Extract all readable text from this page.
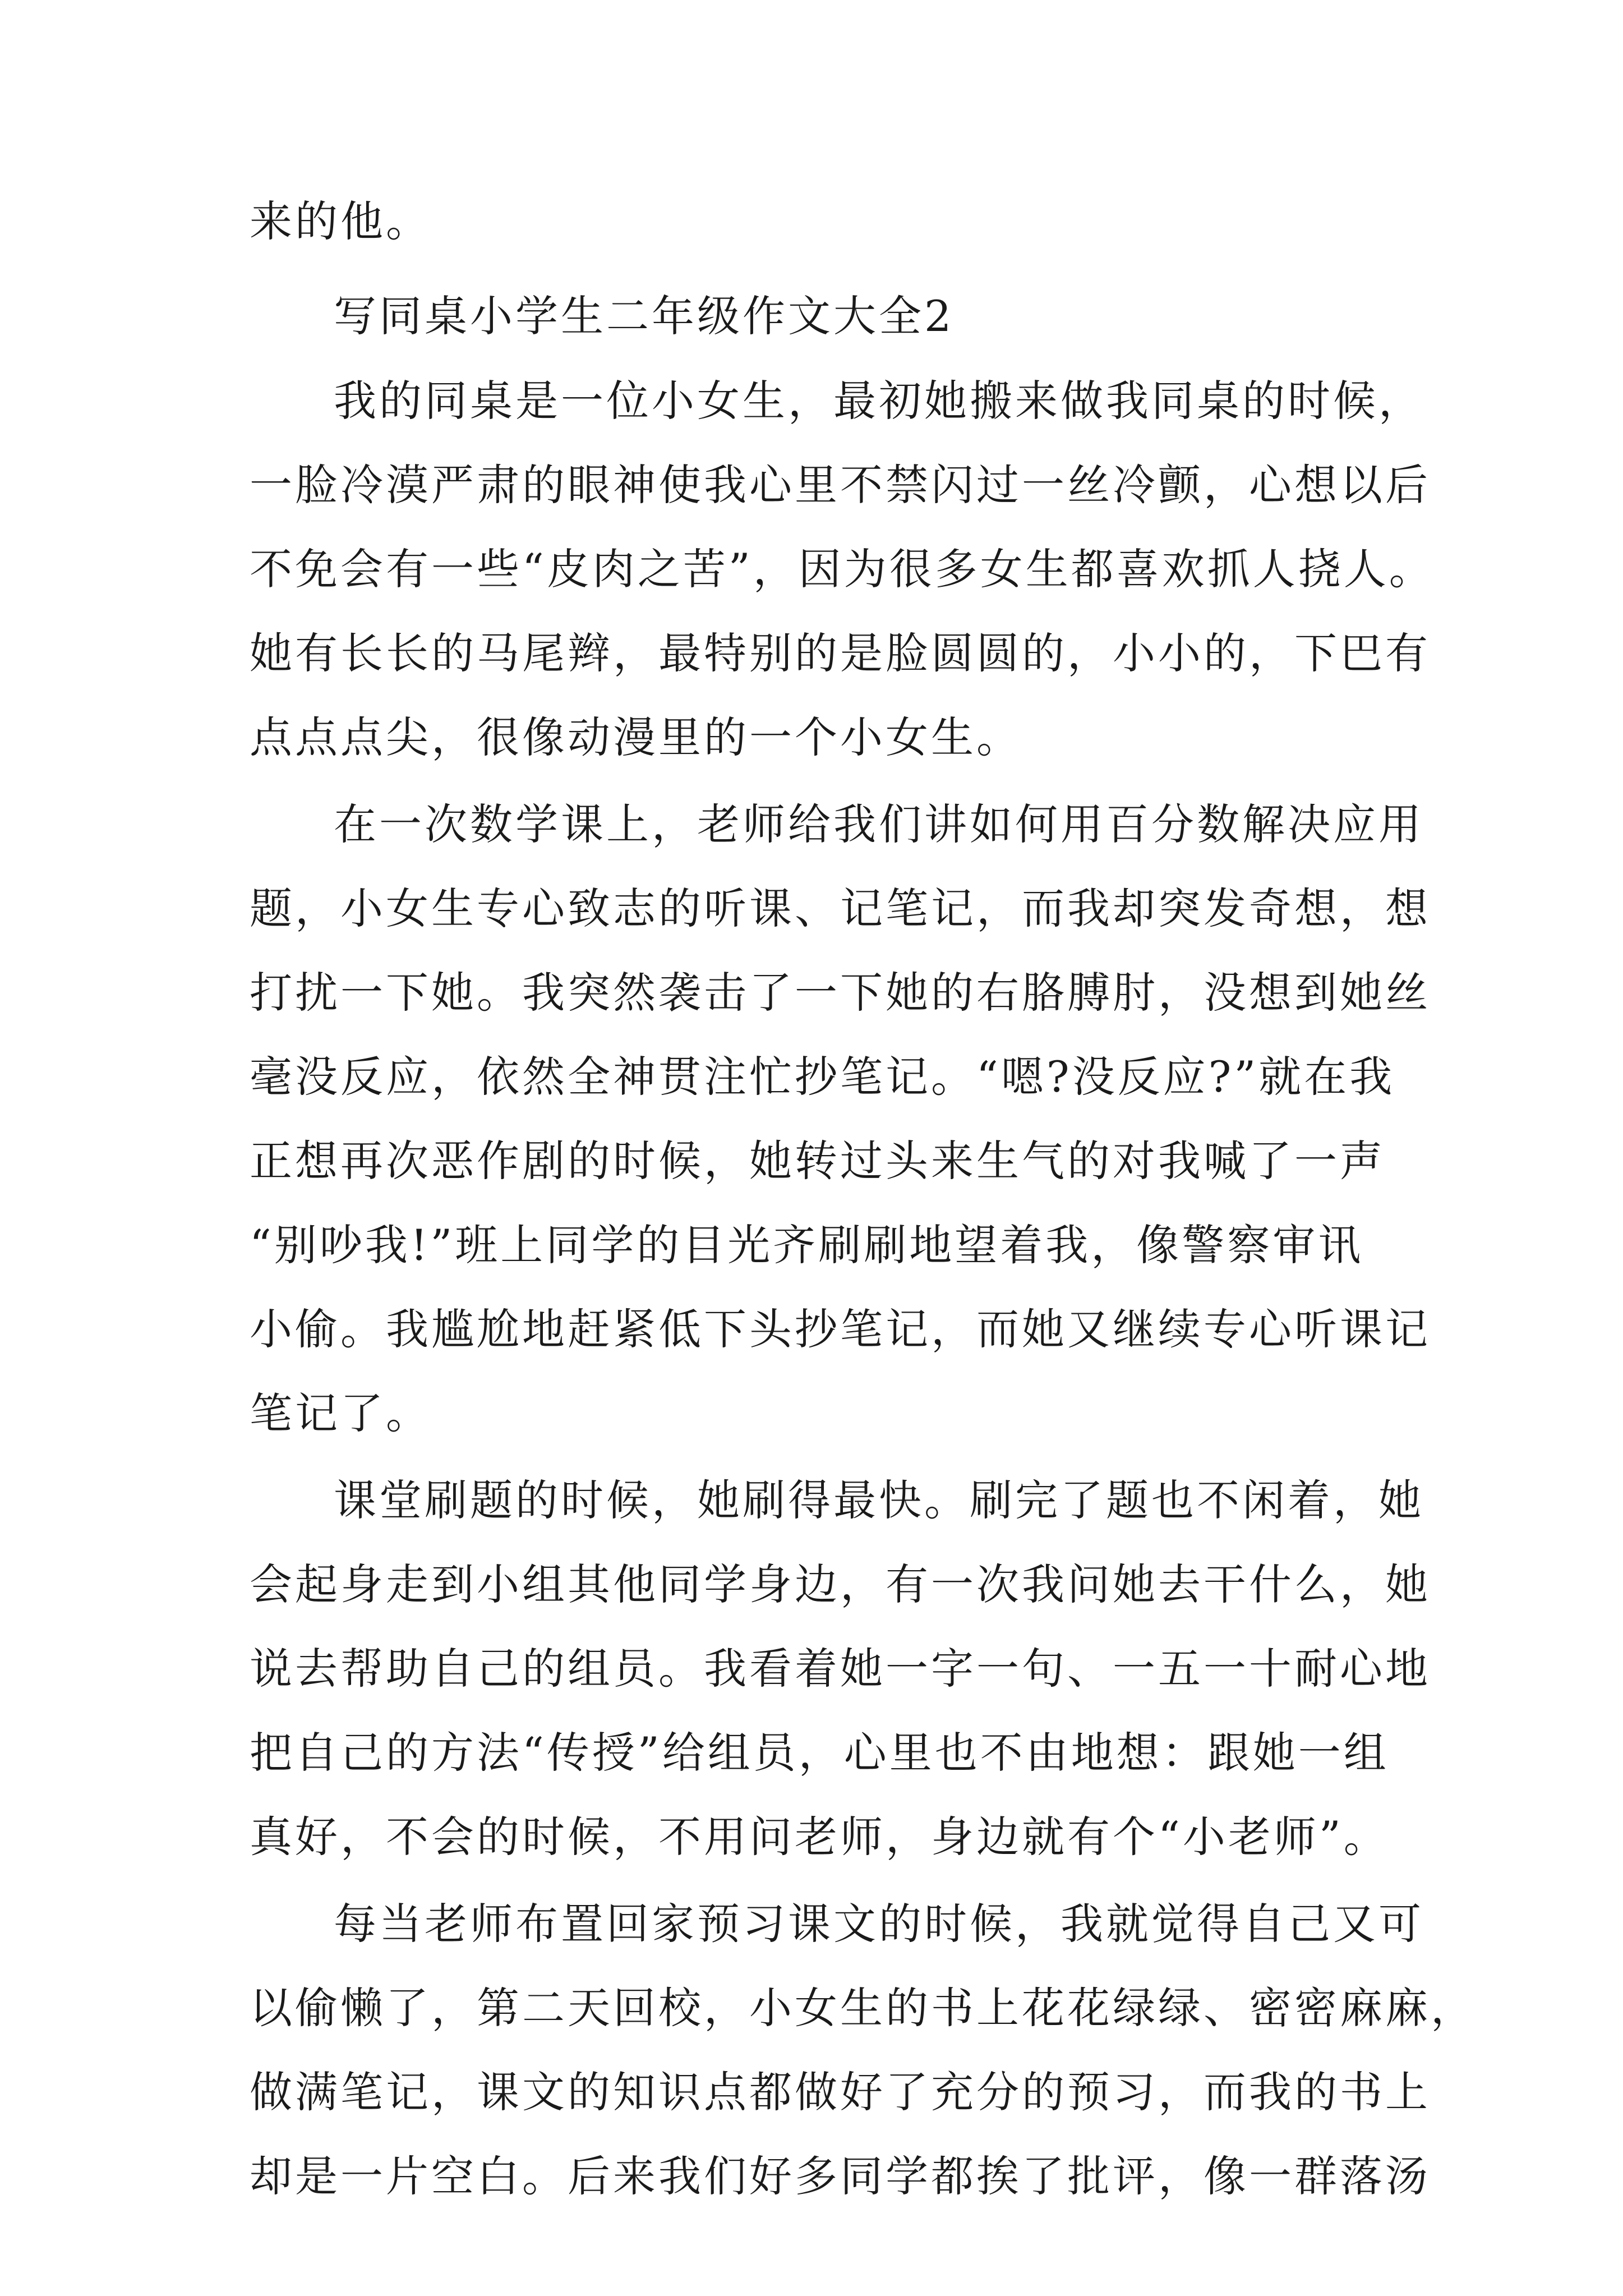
来的他。
写同桌小学生二年级作文大全2
我的同桌是一位小女生，最初她搬来做我同桌的时候，
一脸冷漠严肃的眼神使我心里不禁闪过一丝冷颤，心想以后
不免会有一些“皮肉之苦”，因为很多女生都喜欢抓人挠人。
她有长长的马尾辫，最特别的是脸圆圆的，小小的，下巴有
点点点尖，很像动漫里的一个小女生。
在一次数学课上，老师给我们讲如何用百分数解决应用
题，小女生专心致志的听课、记笔记，而我却突发奇想，想
打扰一下她。我突然袭击了一下她的右胳膊肘，没想到她丝
毫没反应，依然全神贯注忙抄笔记。“嗯?没反应?”就在我
正想再次恶作剧的时候，她转过头来生气的对我喊了一声
“别吵我!”班上同学的目光齐刷刷地望着我，像警察审讯
小偷。我尴尬地赶紧低下头抄笔记，而她又继续专心听课记
笔记了。
课堂刷题的时候，她刷得最快。刷完了题也不闲着，她
会起身走到小组其他同学身边，有一次我问她去干什么，她
说去帮助自己的组员。我看着她一字一句、一五一十耐心地
把自己的方法“传授”给组员，心里也不由地想：跟她一组
真好，不会的时候，不用问老师，身边就有个“小老师”。
每当老师布置回家预习课文的时候，我就觉得自己又可
以偷懒了，第二天回校，小女生的书上花花绿绿、密密麻麻，
做满笔记，课文的知识点都做好了充分的预习，而我的书上
却是一片空白。后来我们好多同学都挨了批评，像一群落汤
